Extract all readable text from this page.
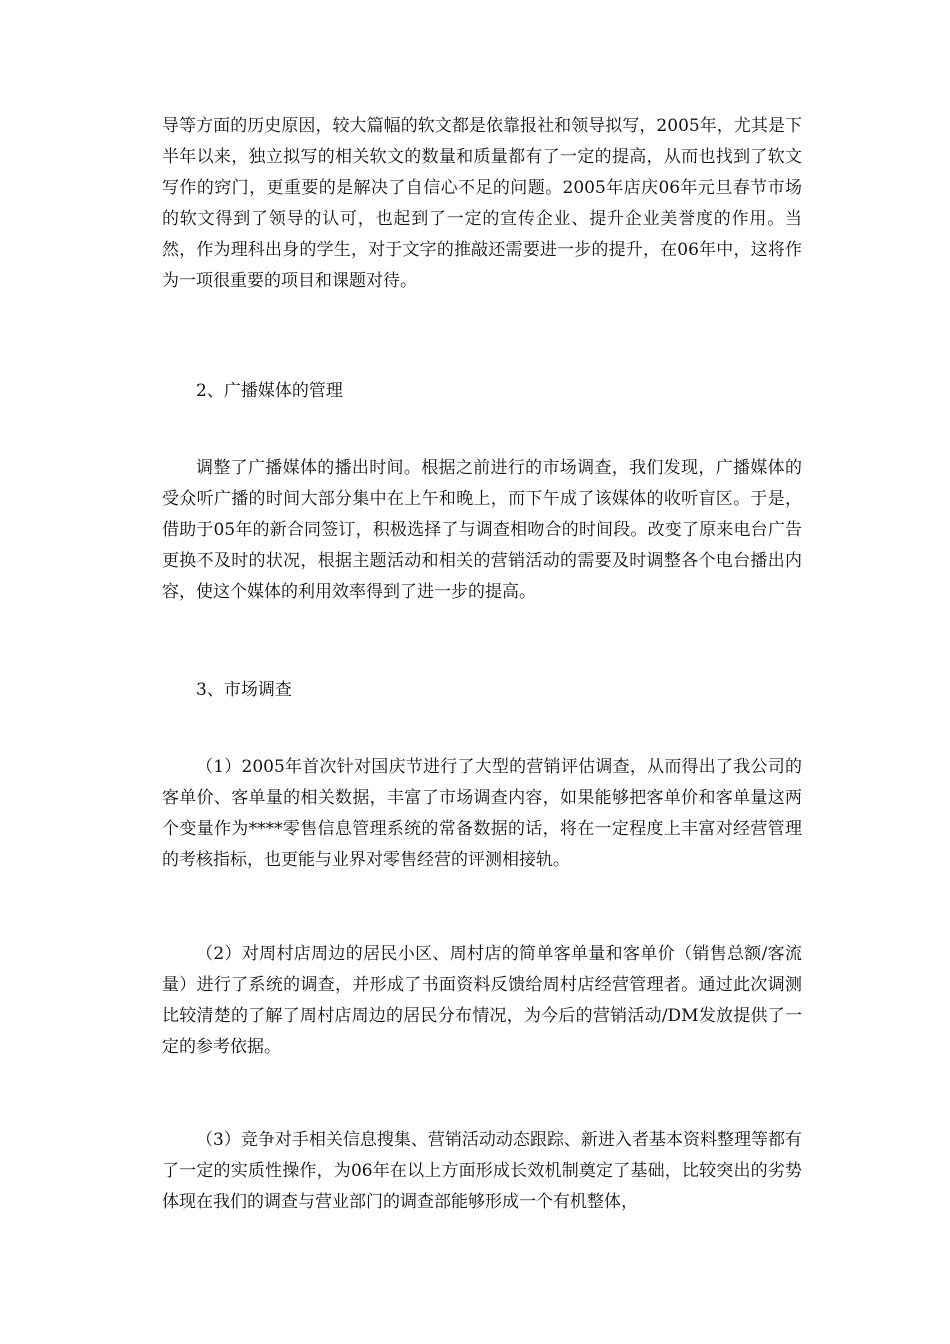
导等方面的历史原因，较大篇幅的软文都是依靠报社和领导拟写，2005年，尤其是下半年以来，独立拟写的相关软文的数量和质量都有了一定的提高，从而也找到了软文写作的窍门，更重要的是解决了自信心不足的问题。2005年店庆06年元旦春节市场的软文得到了领导的认可，也起到了一定的宣传企业、提升企业美誉度的作用。当然，作为理科出身的学生，对于文字的推敲还需要进一步的提升，在06年中，这将作为一项很重要的项目和课题对待。

2、广播媒体的管理

调整了广播媒体的播出时间。根据之前进行的市场调查，我们发现，广播媒体的受众听广播的时间大部分集中在上午和晚上，而下午成了该媒体的收听盲区。于是，借助于05年的新合同签订，积极选择了与调查相吻合的时间段。改变了原来电台广告更换不及时的状况，根据主题活动和相关的营销活动的需要及时调整各个电台播出内容，使这个媒体的利用效率得到了进一步的提高。

3、市场调查

（1）2005年首次针对国庆节进行了大型的营销评估调查，从而得出了我公司的客单价、客单量的相关数据，丰富了市场调查内容，如果能够把客单价和客单量这两个变量作为****零售信息管理系统的常备数据的话，将在一定程度上丰富对经营管理的考核指标，也更能与业界对零售经营的评测相接轨。

（2）对周村店周边的居民小区、周村店的简单客单量和客单价（销售总额/客流量）进行了系统的调查，并形成了书面资料反馈给周村店经营管理者。通过此次调测比较清楚的了解了周村店周边的居民分布情况，为今后的营销活动/DM发放提供了一定的参考依据。

（3）竞争对手相关信息搜集、营销活动动态跟踪、新进入者基本资料整理等都有了一定的实质性操作，为06年在以上方面形成长效机制奠定了基础，比较突出的劣势体现在我们的调查与营业部门的调查部能够形成一个有机整体，
